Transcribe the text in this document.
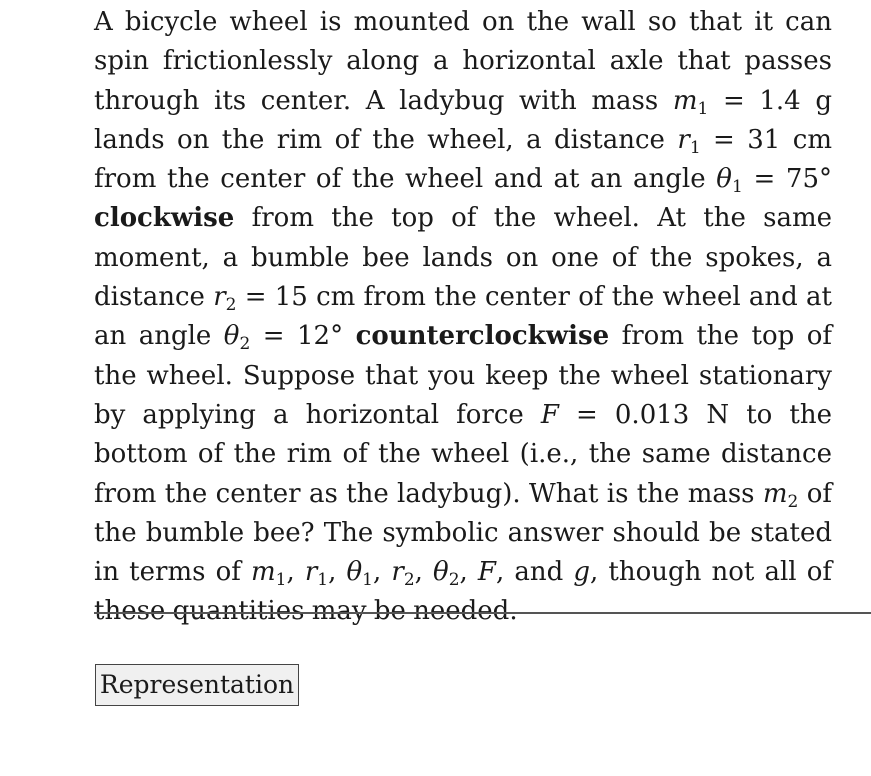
A bicycle wheel is mounted on the wall so that it can spin frictionlessly along a horizontal axle that passes through its center. A ladybug with mass $m_1 = 1.4$ g lands on the rim of the wheel, a distance $r_1 = 31$ cm from the center of the wheel and at an angle $\theta_1 = 75^\circ$ clockwise from the top of the wheel. At the same moment, a bumble bee lands on one of the spokes, a distance $r_2 = 15$ cm from the center of the wheel and at an angle $\theta_2 = 12^\circ$ counterclockwise from the top of the wheel. Suppose that you keep the wheel stationary by applying a horizontal force F = 0.013 N to the bottom of the rim of the wheel (i.e., the same distance from the center as the ladybug). What is the mass $m_2$ of the bumble bee? The symbolic answer should be stated in terms of $m_1$, $r_1$, $\theta_1$, $r_2$, $\theta_2$, F, and g, though not all of these quantities may be needed.
Representation
